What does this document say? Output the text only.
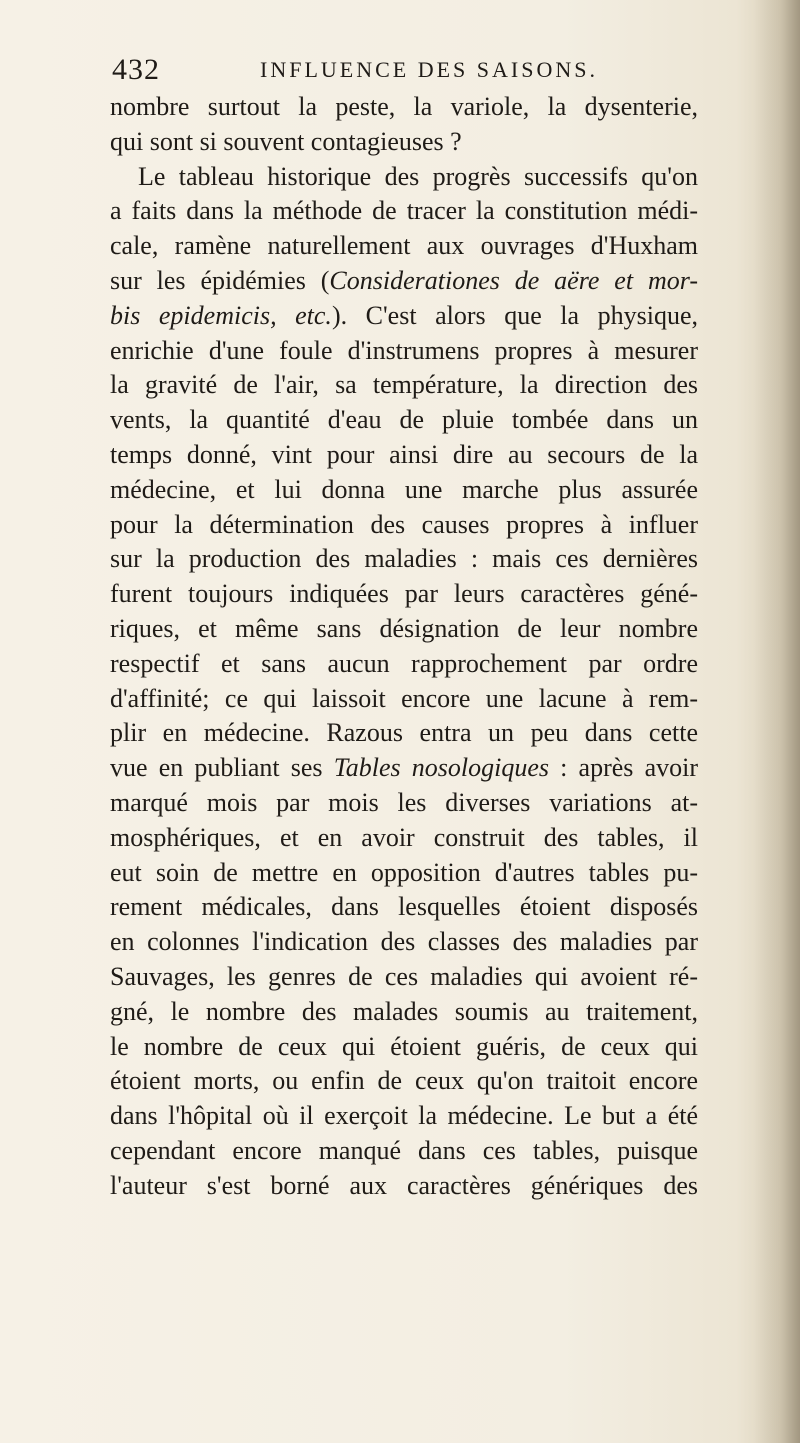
432	INFLUENCE DES SAISONS.

nombre surtout la peste, la variole, la dysenterie,
qui sont si souvent contagieuses ?
Le tableau historique des progrès successifs qu'on
a faits dans la méthode de tracer la constitution médi-
cale, ramène naturellement aux ouvrages d'Huxham
sur les épidémies (Considerationes de aëre et mor-
bis epidemicis, etc.). C'est alors que la physique,
enrichie d'une foule d'instrumens propres à mesurer
la gravité de l'air, sa température, la direction des
vents, la quantité d'eau de pluie tombée dans un
temps donné, vint pour ainsi dire au secours de la
médecine, et lui donna une marche plus assurée
pour la détermination des causes propres à influer
sur la production des maladies : mais ces dernières
furent toujours indiquées par leurs caractères géné-
riques, et même sans désignation de leur nombre
respectif et sans aucun rapprochement par ordre
d'affinité; ce qui laissoit encore une lacune à rem-
plir en médecine. Razous entra un peu dans cette
vue en publiant ses Tables nosologiques : après avoir
marqué mois par mois les diverses variations at-
mosphériques, et en avoir construit des tables, il
eut soin de mettre en opposition d'autres tables pu-
rement médicales, dans lesquelles étoient disposés
en colonnes l'indication des classes des maladies par
Sauvages, les genres de ces maladies qui avoient ré-
gné, le nombre des malades soumis au traitement,
le nombre de ceux qui étoient guéris, de ceux qui
étoient morts, ou enfin de ceux qu'on traitoit encore
dans l'hôpital où il exerçoit la médecine. Le but a été
cependant encore manqué dans ces tables, puisque
l'auteur s'est borné aux caractères génériques des
